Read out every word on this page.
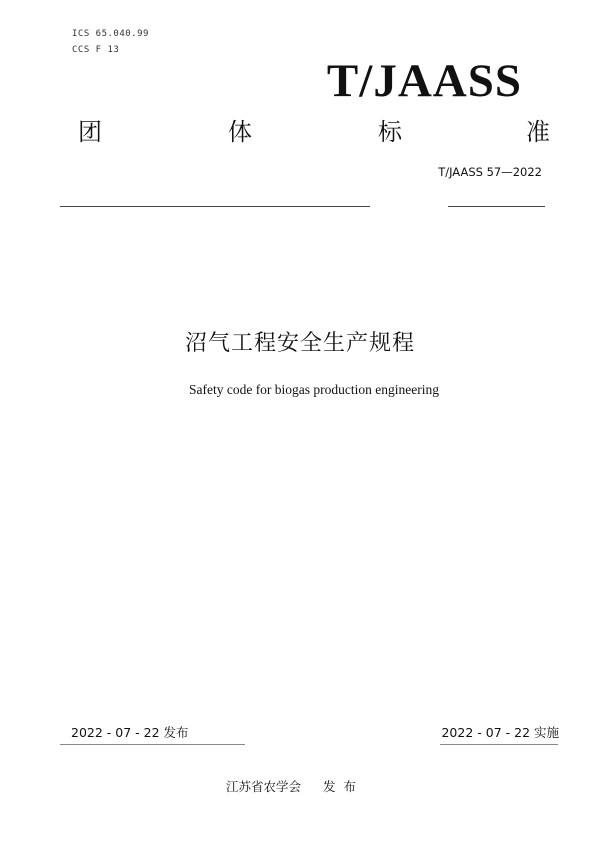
ICS 65.040.99
CCS F 13
T/JAASS
团	体	标	准
T/JAASS 57—2022
沼气工程安全生产规程
Safety code for biogas production engineering
2022 - 07 - 22 发布	2022 - 07 - 22 实施
江苏省农学会 发布
